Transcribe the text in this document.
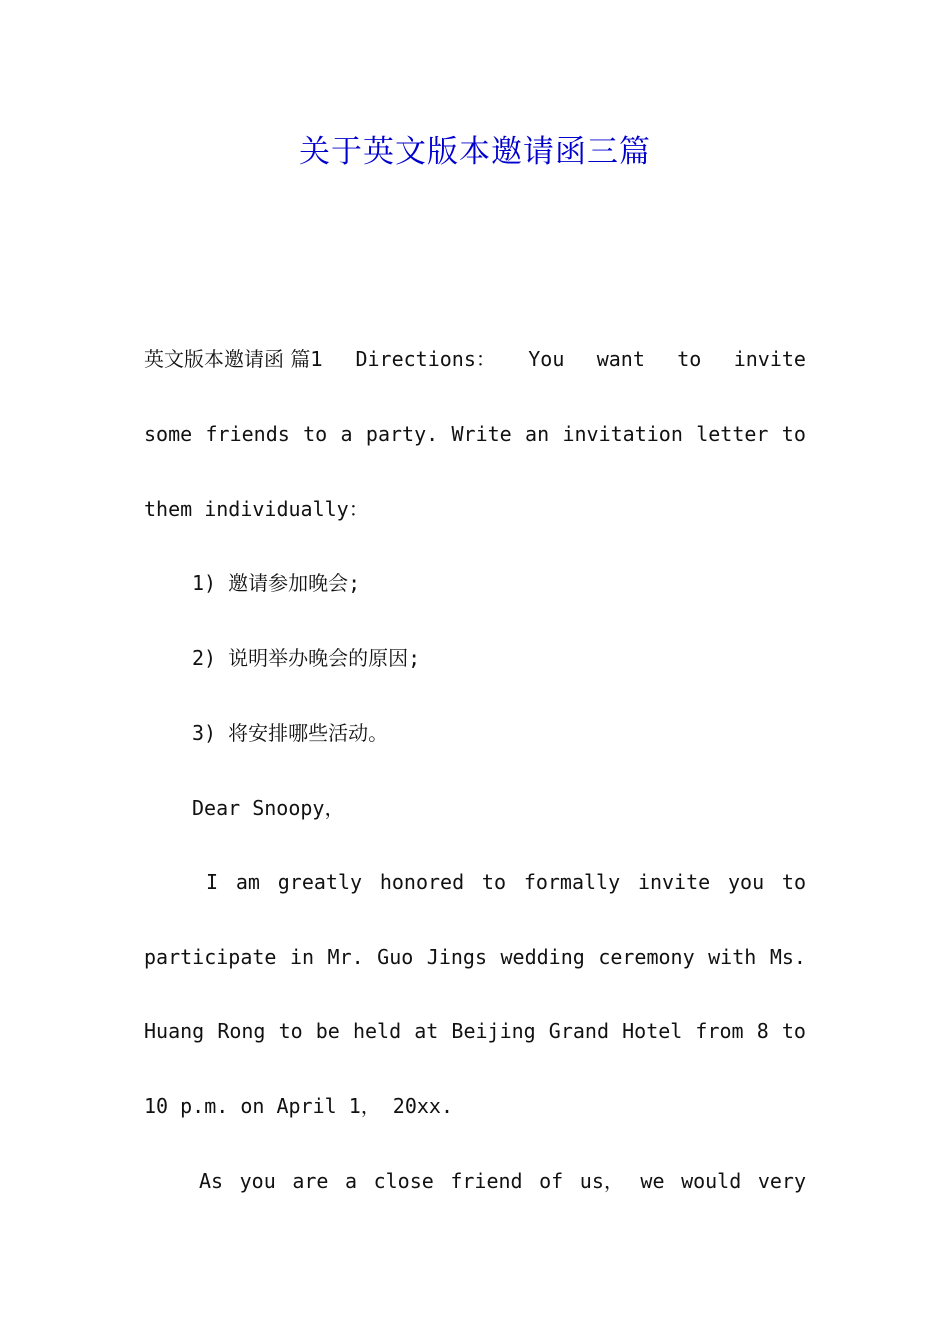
关于英文版本邀请函三篇
英文版本邀请函 篇1 Directions： You want to invite
some friends to a party. Write an invitation letter to
them individually：
1) 邀请参加晚会;
2) 说明举办晚会的原因;
3) 将安排哪些活动。
Dear Snoopy，
I am greatly honored to formally invite you to
participate in Mr. Guo Jings wedding ceremony with Ms.
Huang Rong to be held at Beijing Grand Hotel from 8 to
10 p.m. on April 1， 20xx.
As you are a close friend of us， we would very
